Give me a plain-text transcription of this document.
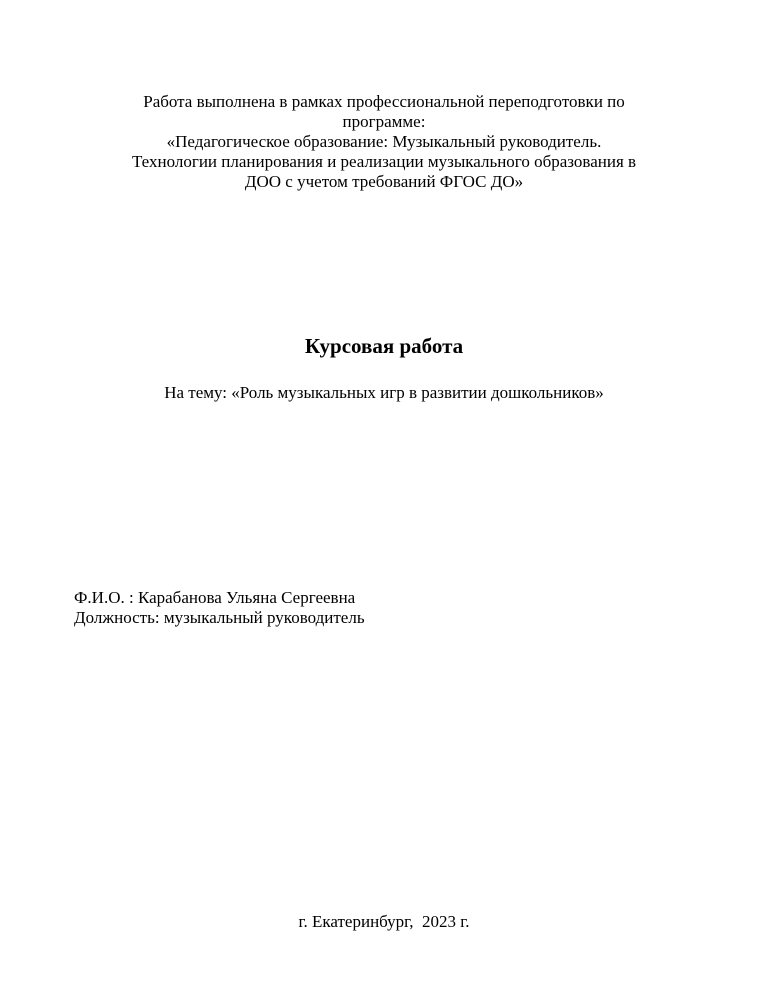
Работа выполнена в рамках профессиональной переподготовки по
программе:
«Педагогическое образование: Музыкальный руководитель.
Технологии планирования и реализации музыкального образования в
ДОО с учетом требований ФГОС ДО»
Курсовая работа
На тему: «Роль музыкальных игр в развитии дошкольников»
Ф.И.О. : Карабанова Ульяна Сергеевна
Должность: музыкальный руководитель
г. Екатеринбург,  2023 г.
